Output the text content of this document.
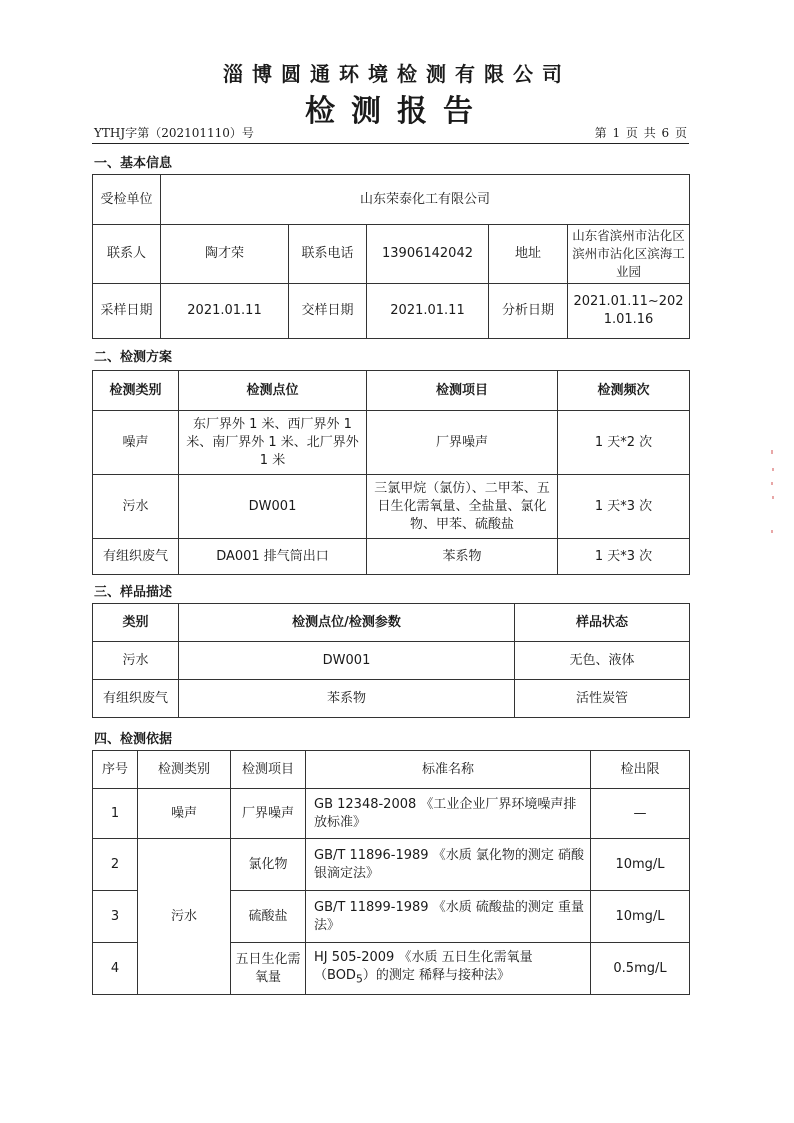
淄博圆通环境检测有限公司
检测报告
YTHJ字第（202101110）号	第 1 页 共 6 页
一、基本信息
受检单位	山东荣泰化工有限公司				
联系人	陶才荣	联系电话	13906142042	地址	山东省滨州市沾化区滨州市沾化区滨海工业园
采样日期	2021.01.11	交样日期	2021.01.11	分析日期	2021.01.11~2021.01.16
二、检测方案
检测类别	检测点位	检测项目	检测频次
噪声	东厂界外 1 米、西厂界外 1 米、南厂界外 1 米、北厂界外 1 米	厂界噪声	1 天*2 次
污水	DW001	三氯甲烷（氯仿）、二甲苯、五日生化需氧量、全盐量、氯化物、甲苯、硫酸盐	1 天*3 次
有组织废气	DA001 排气筒出口	苯系物	1 天*3 次
三、样品描述
类别	检测点位/检测参数	样品状态
污水	DW001	无色、液体
有组织废气	苯系物	活性炭管
四、检测依据
序号	检测类别	检测项目	标准名称	检出限
1	噪声	厂界噪声	GB 12348-2008 《工业企业厂界环境噪声排放标准》	—
2	污水	氯化物	GB/T 11896-1989 《水质 氯化物的测定 硝酸银滴定法》	10mg/L
3		硫酸盐	GB/T 11899-1989 《水质 硫酸盐的测定 重量法》	10mg/L
4		五日生化需氧量	HJ 505-2009 《水质 五日生化需氧量$(BOD_5)$的测定 稀释与接种法》	0.5mg/L
